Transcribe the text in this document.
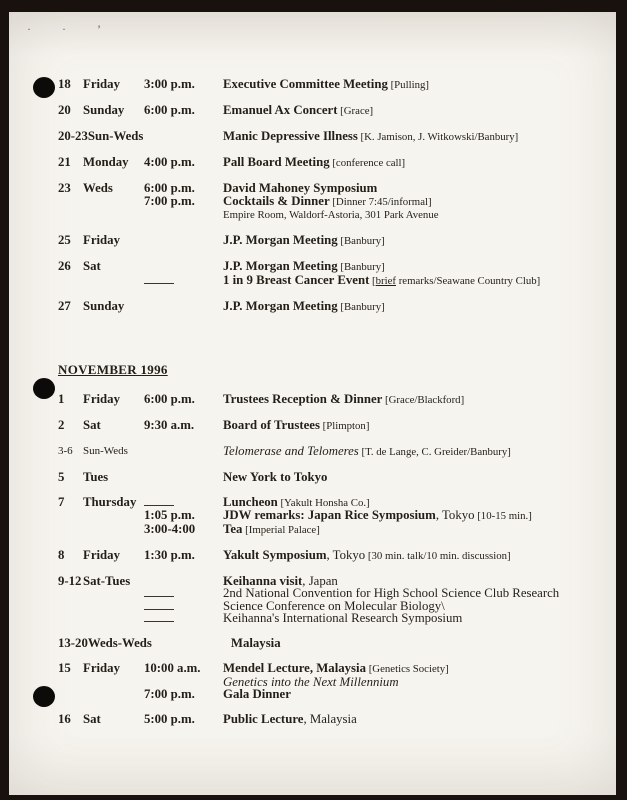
· · ’
18 Friday 3:00 p.m.	Executive Committee Meeting [Pulling]
20 Sunday 6:00 p.m.	Emanuel Ax Concert [Grace]
20-23 Sun-Weds	Manic Depressive Illness [K. Jamison, J. Witkowski/Banbury]
21 Monday 4:00 p.m.	Pall Board Meeting [conference call]
23 Weds 6:00 p.m.	David Mahoney Symposium
7:00 p.m.	Cocktails & Dinner [Dinner 7:45/informal]
Empire Room, Waldorf-Astoria, 301 Park Avenue
25 Friday	J.P. Morgan Meeting [Banbury]
26 Sat	J.P. Morgan Meeting [Banbury]
1 in 9 Breast Cancer Event [brief remarks/Seawane Country Club]
27 Sunday	J.P. Morgan Meeting [Banbury]
NOVEMBER 1996
1	Friday 6:00 p.m.	Trustees Reception & Dinner [Grace/Blackford]
2	Sat	9:30 a.m.	Board of Trustees [Plimpton]
3-6 Sun-Weds	Telomerase and Telomeres [T. de Lange, C. Greider/Banbury]
5	Tues	New York to Tokyo
7	Thursday	Luncheon [Yakult Honsha Co.]
1:05 p.m.	JDW remarks: Japan Rice Symposium, Tokyo [10-15 min.]
3:00-4:00	Tea [Imperial Palace]
8	Friday 1:30 p.m.	Yakult Symposium, Tokyo [30 min. talk/10 min. discussion]
9-12 Sat-Tues	Keihanna visit, Japan
2nd National Convention for High School Science Club Research
Science Conference on Molecular Biology\
Keihanna's International Research Symposium
13-20 Weds-Weds	Malaysia
15 Friday 10:00 a.m.	Mendel Lecture, Malaysia [Genetics Society]
Genetics into the Next Millennium
7:00 p.m.	Gala Dinner
16 Sat	5:00 p.m.	Public Lecture, Malaysia
